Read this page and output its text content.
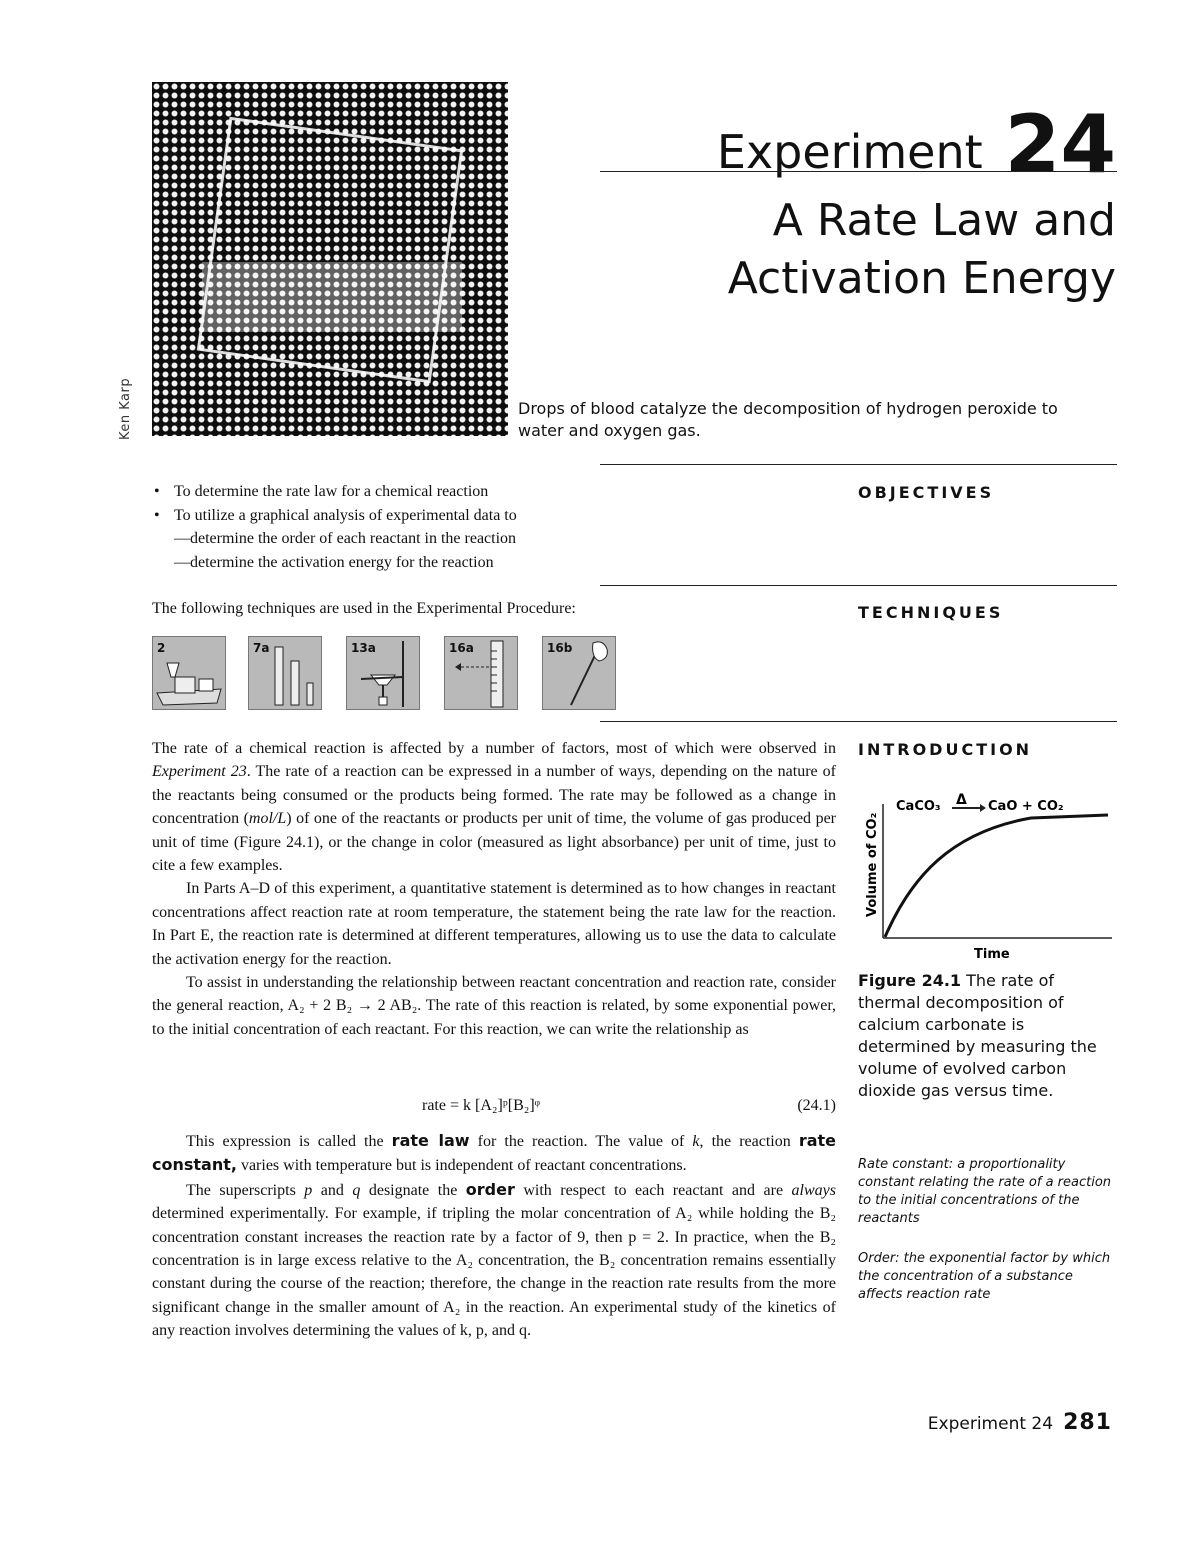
Ken Karp
Experiment 24
A Rate Law and
Activation Energy
Drops of blood catalyze the decomposition of hydrogen peroxide to water and oxygen gas.
OBJECTIVES
• To determine the rate law for a chemical reaction
• To utilize a graphical analysis of experimental data to
—determine the order of each reactant in the reaction
—determine the activation energy for the reaction
TECHNIQUES
The following techniques are used in the Experimental Procedure:
2	7a	13a	16a	16b
INTRODUCTION

The rate of a chemical reaction is affected by a number of factors, most of which were observed in Experiment 23. The rate of a reaction can be expressed in a number of ways, depending on the nature of the reactants being consumed or the products being formed. The rate may be followed as a change in concentration (mol/L) of one of the reactants or products per unit of time, the volume of gas produced per unit of time (Figure 24.1), or the change in color (measured as light absorbance) per unit of time, just to cite a few examples.

In Parts A–D of this experiment, a quantitative statement is determined as to how changes in reactant concentrations affect reaction rate at room temperature, the statement being the rate law for the reaction. In Part E, the reaction rate is determined at different temperatures, allowing us to use the data to calculate the activation energy for the reaction.

To assist in understanding the relationship between reactant concentration and reaction rate, consider the general reaction, A₂ + 2 B₂ → 2 AB₂. The rate of this reaction is related, by some exponential power, to the initial concentration of each reactant. For this reaction, we can write the relationship as

rate = k [A₂]ᵖ[B₂]ᵠ	(24.1)

This expression is called the rate law for the reaction. The value of k, the reaction rate constant, varies with temperature but is independent of reactant concentrations.

The superscripts p and q designate the order with respect to each reactant and are always determined experimentally. For example, if tripling the molar concentration of A₂ while holding the B₂ concentration constant increases the reaction rate by a factor of 9, then p = 2. In practice, when the B₂ concentration is in large excess relative to the A₂ concentration, the B₂ concentration remains essentially constant during the course of the reaction; therefore, the change in the reaction rate results from the more significant change in the smaller amount of A₂ in the reaction. An experimental study of the kinetics of any reaction involves determining the values of k, p, and q.

CaCO₃ Δ CaO + CO₂
Volume of CO₂
Time
Figure 24.1 The rate of thermal decomposition of calcium carbonate is determined by measuring the volume of evolved carbon dioxide gas versus time.
Rate constant: a proportionality constant relating the rate of a reaction to the initial concentrations of the reactants
Order: the exponential factor by which the concentration of a substance affects reaction rate
Experiment 24 281
